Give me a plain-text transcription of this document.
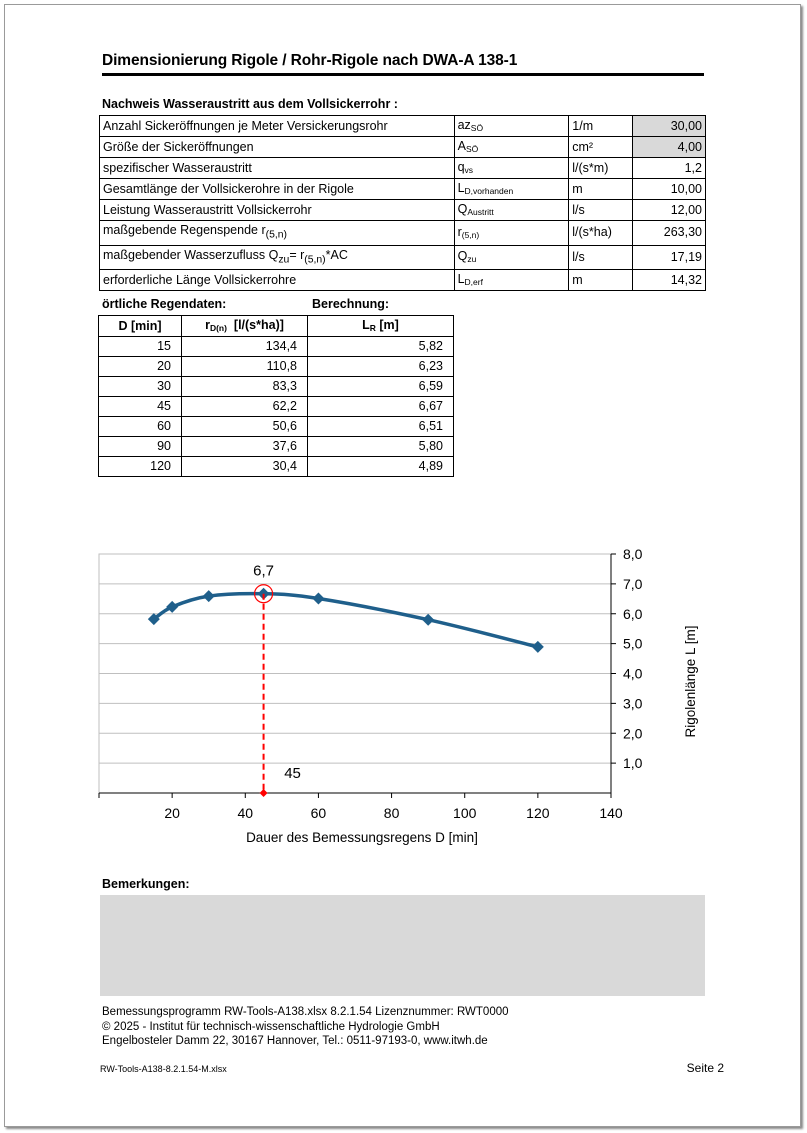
Dimensionierung Rigole / Rohr-Rigole nach DWA-A 138-1
Nachweis Wasseraustritt aus dem Vollsickerrohr :
Anzahl Sickeröffnungen je Meter Versickerungsrohr	$az_{SÖ}$	1/m	30,00
Größe der Sickeröffnungen	$A_{SÖ}$	cm²	4,00
spezifischer Wasseraustritt	$q_{vs}$	l/(s*m)	1,2
Gesamtlänge der Vollsickerohre in der Rigole	$L_{D,vorhanden}$	m	10,00
Leistung Wasseraustritt Vollsickerrohr	$Q_{Austritt}$	l/s	12,00
maßgebende Regenspende $r_{(5,n)}$	$r_{(5,n)}$	l/(s*ha)	263,30
maßgebender Wasserzufluss $Q_{zu}= r_{(5,n)}*AC$	$Q_{zu}$	l/s	17,19
erforderliche Länge Vollsickerrohre	$L_{D,erf}$	m	14,32
örtliche Regendaten:	Berechnung:
D [min]	$r_{D(n)}$ [l/(s*ha)]	$L_R$ [m]
15	134,4	5,82
20	110,8	6,23
30	83,3	6,59
45	62,2	6,67
60	50,6	6,51
90	37,6	5,80
120	30,4	4,89
1,0
2,0
3,0
4,0
5,0
6,0
7,0
8,0
20	40	60	80	100	120	140
Dauer des Bemessungsregens D [min]
Rigolenlänge L [m]
6,7
45
Bemerkungen:
Bemessungsprogramm RW-Tools-A138.xlsx 8.2.1.54 Lizenznummer: RWT0000
© 2025 - Institut für technisch-wissenschaftliche Hydrologie GmbH
Engelbosteler Damm 22, 30167 Hannover, Tel.: 0511-97193-0, www.itwh.de
RW-Tools-A138-8.2.1.54-M.xlsx	Seite 2
